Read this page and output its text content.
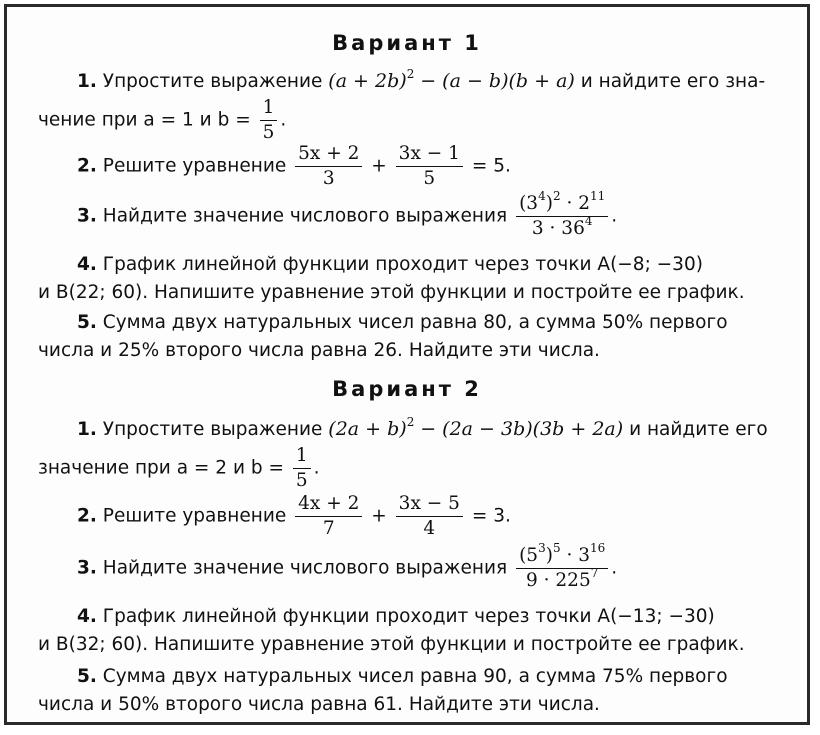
Вариант 1
1. Упростите выражение $(a + 2b)^2 - (a - b)(b + a)$ и найдите его зна-
чение при a = 1 и $b = \frac{1}{5}$ .
2. Решите уравнение $\frac{5x + 2}{3} + \frac{3x - 1}{5} = 5$.
3. Найдите значение числового выражения $\frac{(3^4)^2 \cdot 2^{11}}{3 \cdot 36^4}$ .
4. График линейной функции проходит через точки A(−8; −30)
и B(22; 60). Напишите уравнение этой функции и постройте ее график.
5. Сумма двух натуральных чисел равна 80, а сумма 50% первого
числа и 25% второго числа равна 26. Найдите эти числа.
Вариант 2
1. Упростите выражение $(2a + b)^2 - (2a - 3b)(3b + 2a)$ и найдите его
значение при a = 2 и $b = \frac{1}{5}$ .
2. Решите уравнение $\frac{4x + 2}{7} + \frac{3x - 5}{4} = 3$.
3. Найдите значение числового выражения $\frac{(5^3)^5 \cdot 3^{16}}{9 \cdot 225^7}$ .
4. График линейной функции проходит через точки A(−13; −30)
и B(32; 60). Напишите уравнение этой функции и постройте ее график.
5. Сумма двух натуральных чисел равна 90, а сумма 75% первого
числа и 50% второго числа равна 61. Найдите эти числа.
